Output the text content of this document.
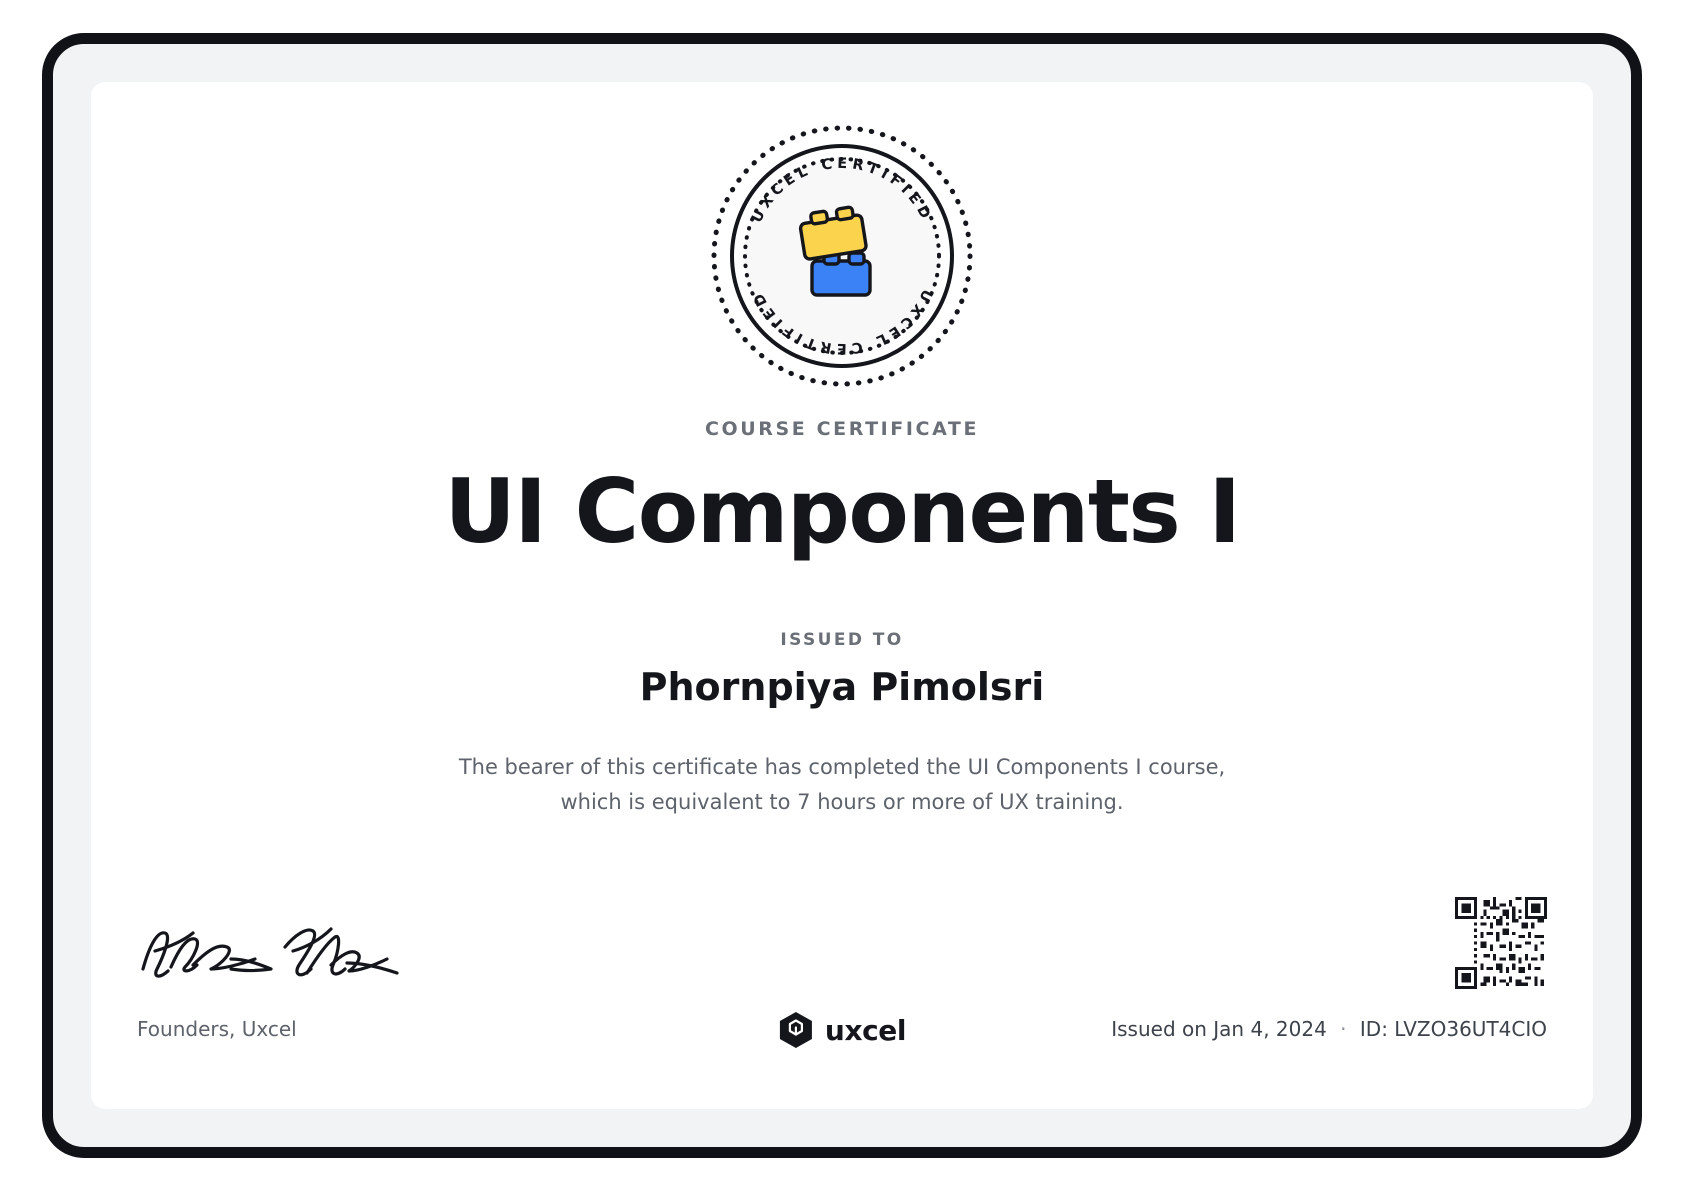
UXCEL CERTIFIED
UXCEL CERTIFIED
COURSE CERTIFICATE
UI Components I
ISSUED TO
Phornpiya Pimolsri
The bearer of this certificate has completed the UI Components I course,
which is equivalent to 7 hours or more of UX training.
Founders, Uxcel	uxcel	Issued on Jan 4, 2024 · ID: LVZO36UT4CIO
